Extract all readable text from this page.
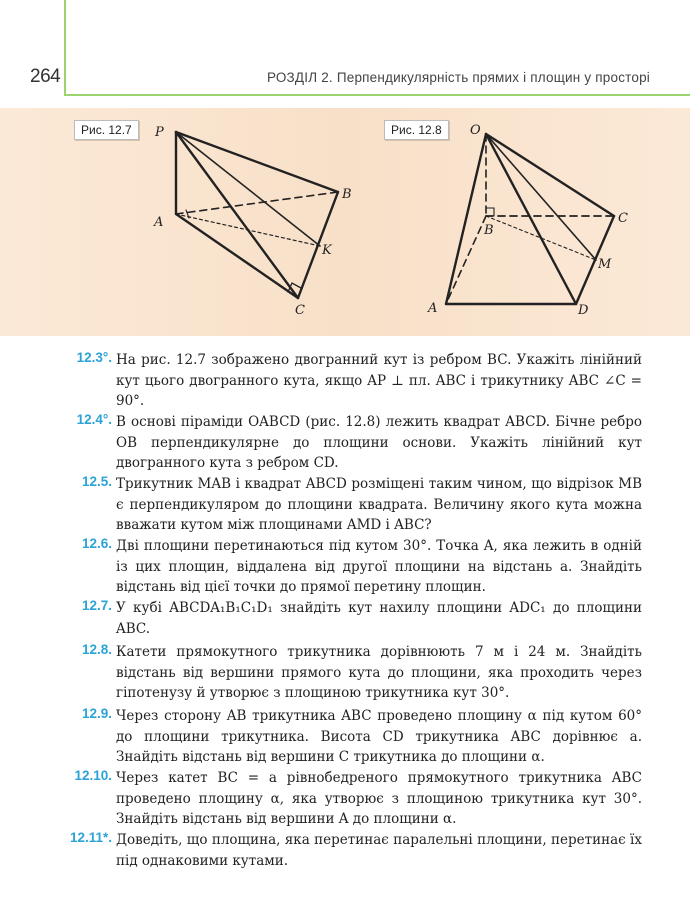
264	РОЗДІЛ 2. Перпендикулярність прямих і площин у просторі
P
A
B
K
C
O
A
B
C
D
M
Рис. 12.7	Рис. 12.8
12.3°. На рис. 12.7 зображено двогранний кут із ребром BC. Укажіть лінійний кут цього двогранного кута, якщо AP ⊥ пл. ABC і трикутнику ABC ∠C = 90°.
12.4°. В основі піраміди OABCD (рис. 12.8) лежить квадрат ABCD. Бічне ребро OB перпендикулярне до площини основи. Укажіть лінійний кут двогранного кута з ребром CD.
12.5. Трикутник MAB і квадрат ABCD розміщені таким чином, що відрізок MB є перпендикуляром до площини квадрата. Величину якого кута можна вважати кутом між площинами AMD і ABC?
12.6. Дві площини перетинаються під кутом 30°. Точка A, яка лежить в одній із цих площин, віддалена від другої площини на відстань a. Знайдіть відстань від цієї точки до прямої перетину площин.
12.7. У кубі ABCDA₁B₁C₁D₁ знайдіть кут нахилу площини ADC₁ до площини ABC.
12.8. Катети прямокутного трикутника дорівнюють 7 м і 24 м. Знайдіть відстань від вершини прямого кута до площини, яка проходить через гіпотенузу й утворює з площиною трикутника кут 30°.
12.9. Через сторону AB трикутника ABC проведено площину α під кутом 60° до площини трикутника. Висота CD трикутника ABC дорівнює a. Знайдіть відстань від вершини C трикутника до площини α.
12.10. Через катет BC = a рівнобедреного прямокутного трикутника ABC проведено площину α, яка утворює з площиною трикутника кут 30°. Знайдіть відстань від вершини A до площини α.
12.11*. Доведіть, що площина, яка перетинає паралельні площини, перетинає їх під однаковими кутами.
